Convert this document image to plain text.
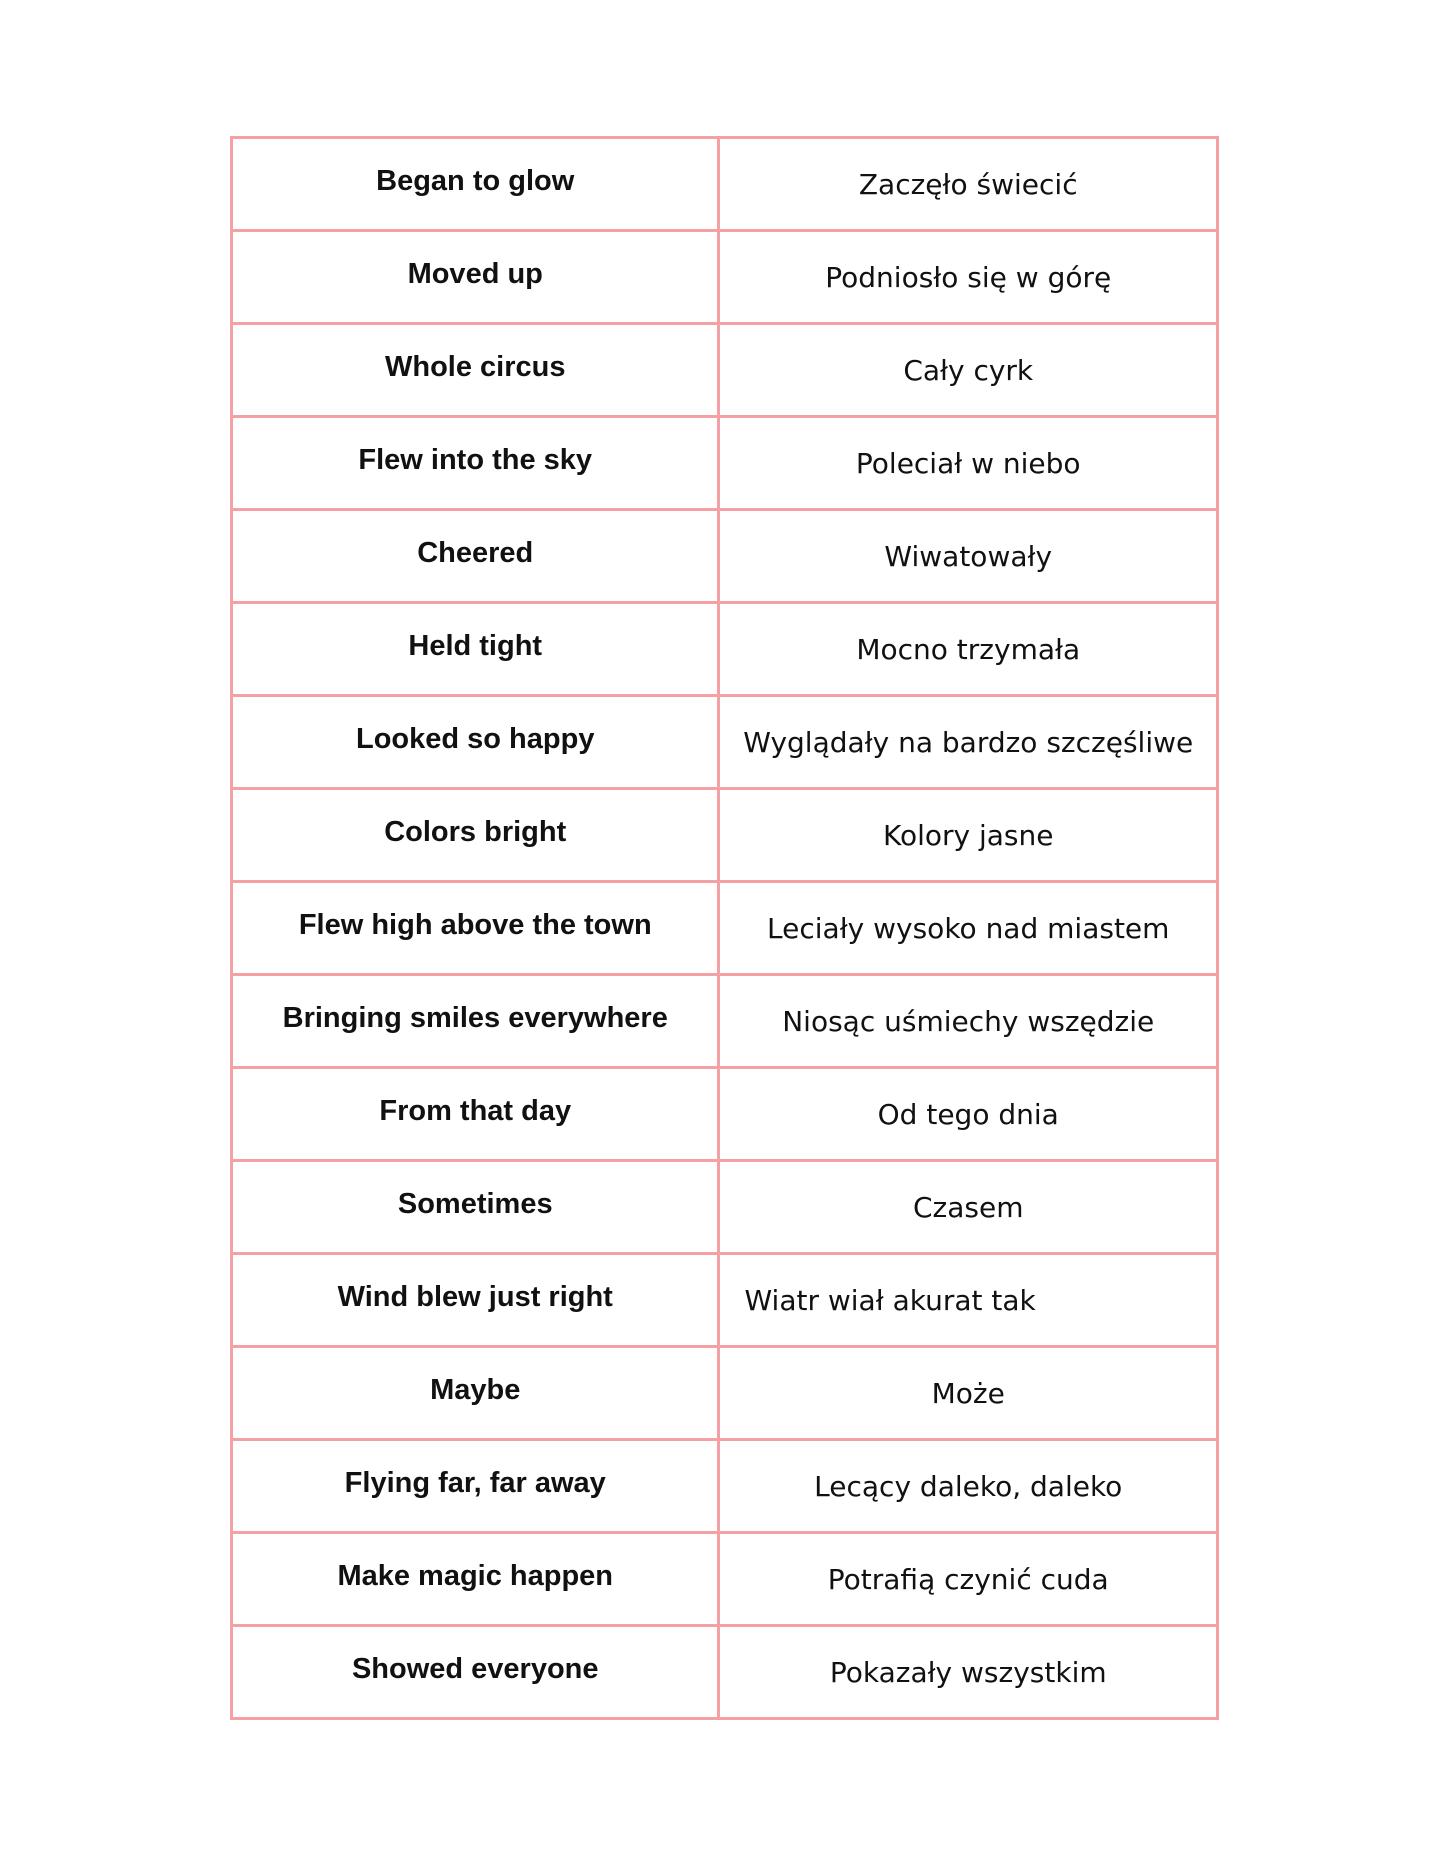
Began to glow	Zaczęło świecić

Moved up	Podniosło się w górę

Whole circus	Cały cyrk

Flew into the sky	Poleciał w niebo

Cheered	Wiwatowały

Held tight	Mocno trzymała

Looked so happy	Wyglądały na bardzo szczęśliwe

Colors bright	Kolory jasne

Flew high above the town	Leciały wysoko nad miastem

Bringing smiles everywhere	Niosąc uśmiechy wszędzie

From that day	Od tego dnia

Sometimes	Czasem

Wind blew just right	Wiatr wiał akurat tak

Maybe	Może

Flying far, far away	Lecący daleko, daleko

Make magic happen	Potrafią czynić cuda

Showed everyone	Pokazały wszystkim
